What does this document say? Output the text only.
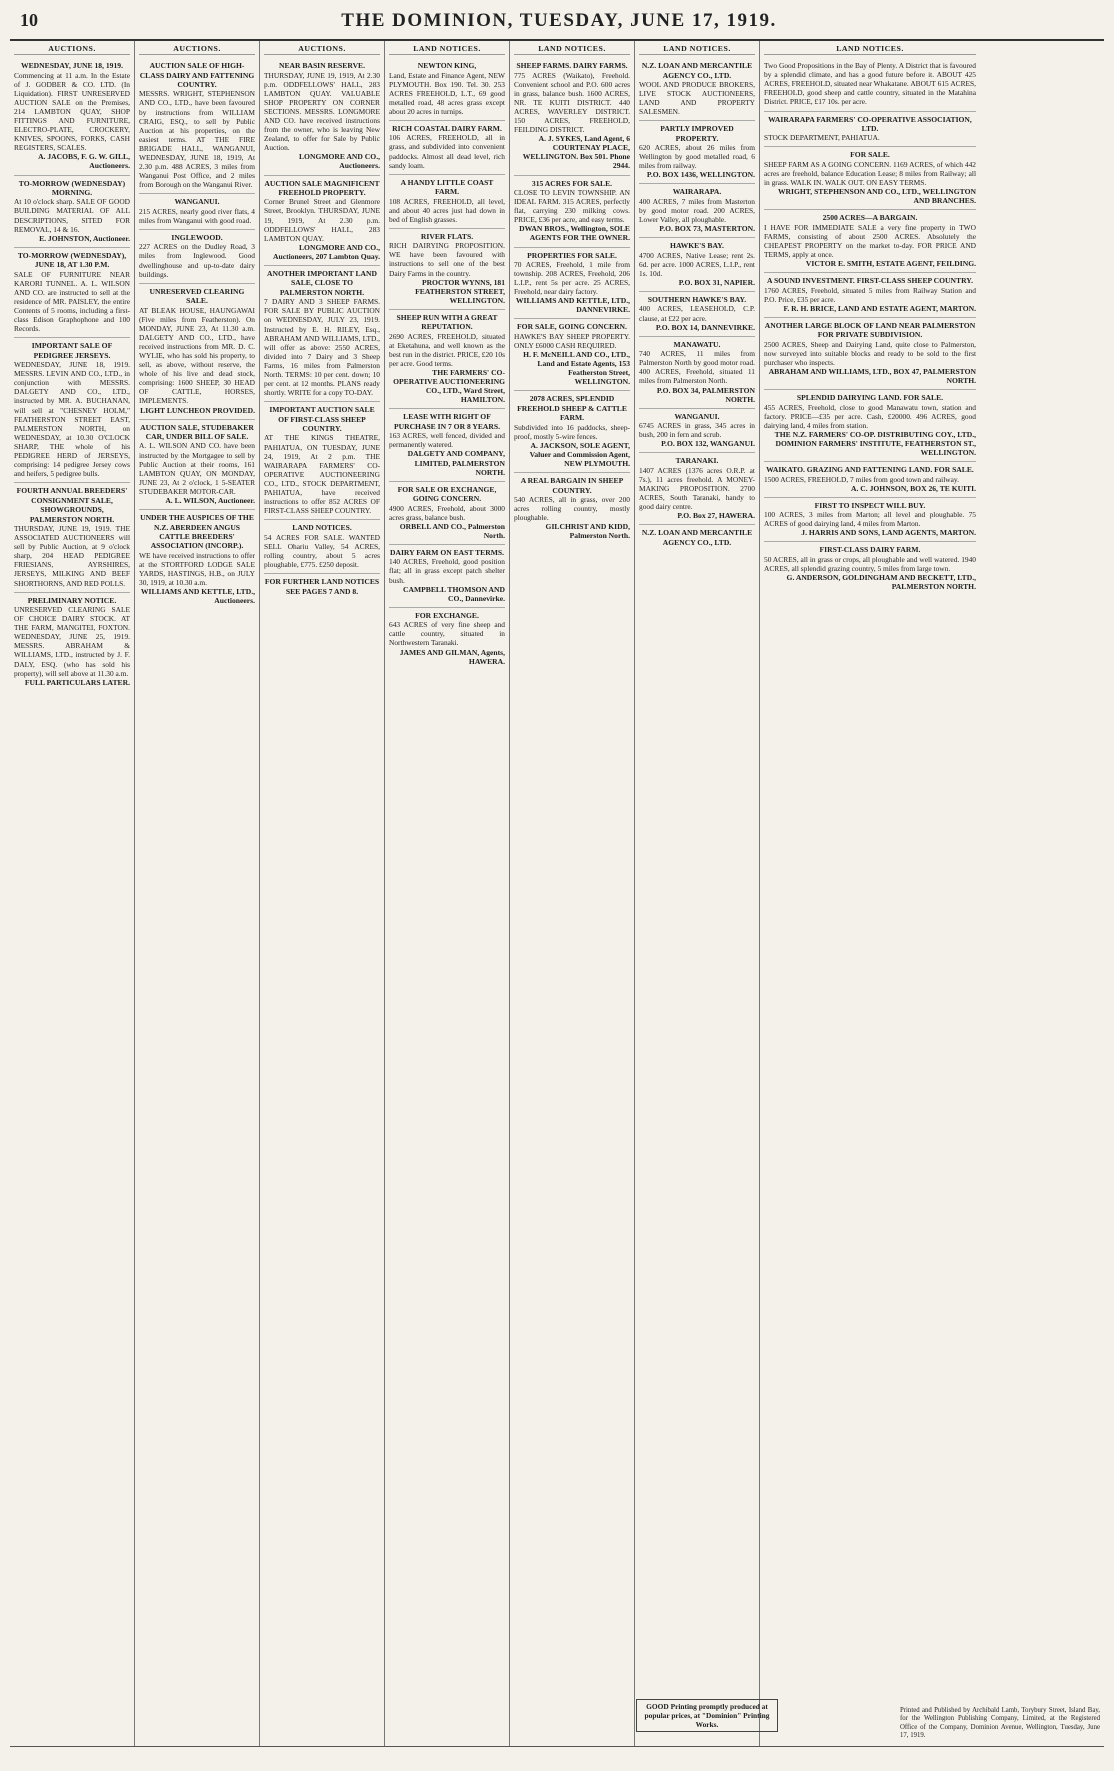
10	THE DOMINION, TUESDAY, JUNE 17, 1919.
AUCTIONS.
WEDNESDAY, JUNE 18, 1919.
Commencing at 11 a.m. In the Estate of J. GODBER & CO. LTD. (In Liquidation). FIRST UNRESERVED AUCTION SALE on the Premises, 214 LAMBTON QUAY, SHOP FITTINGS AND FURNITURE, ELECTRO-PLATE, CROCKERY, KNIVES, SPOONS, FORKS, CASH REGISTERS, SCALES.
A. JACOBS, F. G. W. GILL, Auctioneers.
TO-MORROW (WEDNESDAY) MORNING.
At 10 o'clock sharp. SALE OF GOOD BUILDING MATERIAL OF ALL DESCRIPTIONS, SITED FOR REMOVAL, 14 & 16.
E. JOHNSTON, Auctioneer.
TO-MORROW (WEDNESDAY), JUNE 18, AT 1.30 P.M.
SALE OF FURNITURE NEAR KARORI TUNNEL. A. L. WILSON AND CO. are instructed to sell at the residence of MR. PAISLEY, the entire Contents of 5 rooms, including a first-class Edison Graphophone and 100 Records.
IMPORTANT SALE OF PEDIGREE JERSEYS.
WEDNESDAY, JUNE 18, 1919. MESSRS. LEVIN AND CO., LTD., in conjunction with MESSRS. DALGETY AND CO., LTD., instructed by MR. A. BUCHANAN, will sell at "CHESNEY HOLM," FEATHERSTON STREET EAST, PALMERSTON NORTH, on WEDNESDAY, at 10.30 O'CLOCK SHARP, THE whole of his PEDIGREE HERD of JERSEYS, comprising: 14 pedigree Jersey cows and heifers, 5 pedigree bulls.
FOURTH ANNUAL BREEDERS' CONSIGNMENT SALE, SHOWGROUNDS, PALMERSTON NORTH.
THURSDAY, JUNE 19, 1919. THE ASSOCIATED AUCTIONEERS will sell by Public Auction, at 9 o'clock sharp, 204 HEAD PEDIGREE FRIESIANS, AYRSHIRES, JERSEYS, MILKING AND BEEF SHORTHORNS, AND RED POLLS.
PRELIMINARY NOTICE.
UNRESERVED CLEARING SALE OF CHOICE DAIRY STOCK. AT THE FARM, MANGITEI, FOXTON. WEDNESDAY, JUNE 25, 1919. MESSRS. ABRAHAM & WILLIAMS, LTD., instructed by J. F. DALY, ESQ. (who has sold his property), will sell above at 11.30 a.m.
FULL PARTICULARS LATER.
AUCTIONS.
AUCTION SALE OF HIGH-CLASS DAIRY AND FATTENING COUNTRY.
MESSRS. WRIGHT, STEPHENSON AND CO., LTD., have been favoured by instructions from WILLIAM CRAIG, ESQ., to sell by Public Auction at his properties, on the easiest terms. AT THE FIRE BRIGADE HALL, WANGANUI, WEDNESDAY, JUNE 18, 1919, At 2.30 p.m. 488 ACRES, 3 miles from Wanganui Post Office, and 2 miles from Borough on the Wanganui River.
WANGANUI.
215 ACRES, nearly good river flats, 4 miles from Wanganui with good road.
INGLEWOOD.
227 ACRES on the Dudley Road, 3 miles from Inglewood. Good dwellinghouse and up-to-date dairy buildings.
UNRESERVED CLEARING SALE.
AT BLEAK HOUSE, HAUNGAWAI (Five miles from Featherston). On MONDAY, JUNE 23, At 11.30 a.m. DALGETY AND CO., LTD., have received instructions from MR. D. C. WYLIE, who has sold his property, to sell, as above, without reserve, the whole of his live and dead stock, comprising: 1600 SHEEP, 30 HEAD OF CATTLE, HORSES, IMPLEMENTS.
LIGHT LUNCHEON PROVIDED.
AUCTION SALE, STUDEBAKER CAR, UNDER BILL OF SALE.
A. L. WILSON AND CO. have been instructed by the Mortgagee to sell by Public Auction at their rooms, 161 LAMBTON QUAY, ON MONDAY, JUNE 23, At 2 o'clock, 1 5-SEATER STUDEBAKER MOTOR-CAR.
A. L. WILSON, Auctioneer.
UNDER THE AUSPICES OF THE N.Z. ABERDEEN ANGUS CATTLE BREEDERS' ASSOCIATION (INCORP.).
WE have received instructions to offer at the STORTFORD LODGE SALE YARDS, HASTINGS, H.B., on JULY 30, 1919, at 10.30 a.m.
WILLIAMS AND KETTLE, LTD., Auctioneers.
AUCTIONS.
NEAR BASIN RESERVE.
THURSDAY, JUNE 19, 1919, At 2.30 p.m. ODDFELLOWS' HALL, 283 LAMBTON QUAY. VALUABLE SHOP PROPERTY ON CORNER SECTIONS. MESSRS. LONGMORE AND CO. have received instructions from the owner, who is leaving New Zealand, to offer for Sale by Public Auction.
LONGMORE AND CO., Auctioneers.
AUCTION SALE MAGNIFICENT FREEHOLD PROPERTY.
Corner Brunel Street and Glenmore Street, Brooklyn. THURSDAY, JUNE 19, 1919, At 2.30 p.m. ODDFELLOWS' HALL, 283 LAMBTON QUAY.
LONGMORE AND CO., Auctioneers, 207 Lambton Quay.
ANOTHER IMPORTANT LAND SALE, CLOSE TO PALMERSTON NORTH.
7 DAIRY AND 3 SHEEP FARMS. FOR SALE BY PUBLIC AUCTION on WEDNESDAY, JULY 23, 1919. Instructed by E. H. RILEY, Esq., ABRAHAM AND WILLIAMS, LTD., will offer as above: 2550 ACRES, divided into 7 Dairy and 3 Sheep Farms, 16 miles from Palmerston North. TERMS: 10 per cent. down; 10 per cent. at 12 months. PLANS ready shortly. WRITE for a copy TO-DAY.
IMPORTANT AUCTION SALE OF FIRST-CLASS SHEEP COUNTRY.
AT THE KINGS THEATRE, PAHIATUA, ON TUESDAY, JUNE 24, 1919, At 2 p.m. THE WAIRARAPA FARMERS' CO-OPERATIVE AUCTIONEERING CO., LTD., STOCK DEPARTMENT, PAHIATUA, have received instructions to offer 852 ACRES OF FIRST-CLASS SHEEP COUNTRY.
LAND NOTICES.
54 ACRES FOR SALE. WANTED SELL Ohariu Valley, 54 ACRES, rolling country, about 5 acres ploughable, £775. £250 deposit.
FOR FURTHER LAND NOTICES SEE PAGES 7 AND 8.
LAND NOTICES.
NEWTON KING,
Land, Estate and Finance Agent, NEW PLYMOUTH. Box 190. Tel. 30. 253 ACRES FREEHOLD, L.T., 69 good metalled road, 48 acres grass except about 20 acres in turnips.
RICH COASTAL DAIRY FARM.
106 ACRES, FREEHOLD, all in grass, and subdivided into convenient paddocks. Almost all dead level, rich sandy loam.
A HANDY LITTLE COAST FARM.
108 ACRES, FREEHOLD, all level, and about 40 acres just had down in bed of English grasses.
RIVER FLATS.
RICH DAIRYING PROPOSITION. WE have been favoured with instructions to sell one of the best Dairy Farms in the country.
PROCTOR WYNNS, 181 FEATHERSTON STREET, WELLINGTON.
SHEEP RUN WITH A GREAT REPUTATION.
2690 ACRES, FREEHOLD, situated at Eketahuna, and well known as the best run in the district. PRICE, £20 10s per acre. Good terms.
THE FARMERS' CO-OPERATIVE AUCTIONEERING CO., LTD., Ward Street, HAMILTON.
LEASE WITH RIGHT OF PURCHASE IN 7 OR 8 YEARS.
163 ACRES, well fenced, divided and permanently watered.
DALGETY AND COMPANY, LIMITED, PALMERSTON NORTH.
FOR SALE OR EXCHANGE, GOING CONCERN.
4900 ACRES, Freehold, about 3000 acres grass, balance bush.
ORBELL AND CO., Palmerston North.
DAIRY FARM ON EAST TERMS.
140 ACRES, Freehold, good position flat; all in grass except patch shelter bush.
CAMPBELL THOMSON AND CO., Dannevirke.
FOR EXCHANGE.
643 ACRES of very fine sheep and cattle country, situated in Northwestern Taranaki.
JAMES AND GILMAN, Agents, HAWERA.
LAND NOTICES.
SHEEP FARMS. DAIRY FARMS.
775 ACRES (Waikato), Freehold. Convenient school and P.O. 600 acres in grass, balance bush. 1600 ACRES, NR. TE KUITI DISTRICT. 440 ACRES, WAVERLEY DISTRICT. 150 ACRES, FREEHOLD, FEILDING DISTRICT.
A. J. SYKES, Land Agent, 6 COURTENAY PLACE, WELLINGTON. Box 501. Phone 2944.
315 ACRES FOR SALE.
CLOSE TO LEVIN TOWNSHIP. AN IDEAL FARM. 315 ACRES, perfectly flat, carrying 230 milking cows. PRICE, £36 per acre, and easy terms.
DWAN BROS., Wellington, SOLE AGENTS FOR THE OWNER.
PROPERTIES FOR SALE.
70 ACRES, Freehold, 1 mile from township. 208 ACRES, Freehold, 206 L.I.P., rent 5s per acre. 25 ACRES, Freehold, near dairy factory.
WILLIAMS AND KETTLE, LTD., DANNEVIRKE.
FOR SALE, GOING CONCERN.
HAWKE'S BAY SHEEP PROPERTY. ONLY £6000 CASH REQUIRED.
H. F. McNEILL AND CO., LTD., Land and Estate Agents, 153 Featherston Street, WELLINGTON.
2078 ACRES, SPLENDID FREEHOLD SHEEP & CATTLE FARM.
Subdivided into 16 paddocks, sheep-proof, mostly 5-wire fences.
A. JACKSON, SOLE AGENT, Valuer and Commission Agent, NEW PLYMOUTH.
A REAL BARGAIN IN SHEEP COUNTRY.
540 ACRES, all in grass, over 200 acres rolling country, mostly ploughable.
GILCHRIST AND KIDD, Palmerston North.
LAND NOTICES.
N.Z. LOAN AND MERCANTILE AGENCY CO., LTD.
WOOL AND PRODUCE BROKERS, LIVE STOCK AUCTIONEERS, LAND AND PROPERTY SALESMEN.
PARTLY IMPROVED PROPERTY.
620 ACRES, about 26 miles from Wellington by good metalled road, 6 miles from railway.
P.O. BOX 1436, WELLINGTON.
WAIRARAPA.
400 ACRES, 7 miles from Masterton by good motor road. 200 ACRES, Lower Valley, all ploughable.
P.O. BOX 73, MASTERTON.
HAWKE'S BAY.
4700 ACRES, Native Lease; rent 2s. 6d. per acre. 1000 ACRES, L.I.P., rent 1s. 10d.
P.O. BOX 31, NAPIER.
SOUTHERN HAWKE'S BAY.
400 ACRES, LEASEHOLD, C.P. clause, at £22 per acre.
P.O. BOX 14, DANNEVIRKE.
MANAWATU.
740 ACRES, 11 miles from Palmerston North by good motor road. 400 ACRES, Freehold, situated 11 miles from Palmerston North.
P.O. BOX 34, PALMERSTON NORTH.
WANGANUI.
6745 ACRES in grass, 345 acres in bush, 200 in fern and scrub.
P.O. BOX 132, WANGANUI.
TARANAKI.
1407 ACRES (1376 acres O.R.P. at 7s.), 11 acres freehold. A MONEY-MAKING PROPOSITION. 2700 ACRES, South Taranaki, handy to good dairy centre.
P.O. Box 27, HAWERA.
N.Z. LOAN AND MERCANTILE AGENCY CO., LTD.
LAND NOTICES.
Two Good Propositions in the Bay of Plenty. A District that is favoured by a splendid climate, and has a good future before it. ABOUT 425 ACRES, FREEHOLD, situated near Whakatane. ABOUT 615 ACRES, FREEHOLD, good sheep and cattle country, situated in the Matahina District. PRICE, £17 10s. per acre.
WAIRARAPA FARMERS' CO-OPERATIVE ASSOCIATION, LTD.
STOCK DEPARTMENT, PAHIATUA.
FOR SALE.
SHEEP FARM AS A GOING CONCERN. 1169 ACRES, of which 442 acres are freehold, balance Education Lease; 8 miles from Railway; all in grass. WALK IN. WALK OUT. ON EASY TERMS.
WRIGHT, STEPHENSON AND CO., LTD., WELLINGTON AND BRANCHES.
2500 ACRES—A BARGAIN.
I HAVE FOR IMMEDIATE SALE a very fine property in TWO FARMS, consisting of about 2500 ACRES. Absolutely the CHEAPEST PROPERTY on the market to-day. FOR PRICE AND TERMS, apply at once.
VICTOR E. SMITH, ESTATE AGENT, FEILDING.
A SOUND INVESTMENT. FIRST-CLASS SHEEP COUNTRY.
1760 ACRES, Freehold, situated 5 miles from Railway Station and P.O. Price, £35 per acre.
F. R. H. BRICE, LAND AND ESTATE AGENT, MARTON.
ANOTHER LARGE BLOCK OF LAND NEAR PALMERSTON FOR PRIVATE SUBDIVISION.
2500 ACRES, Sheep and Dairying Land, quite close to Palmerston, now surveyed into suitable blocks and ready to be sold to the first purchaser who inspects.
ABRAHAM AND WILLIAMS, LTD., BOX 47, PALMERSTON NORTH.
SPLENDID DAIRYING LAND. FOR SALE.
455 ACRES, Freehold, close to good Manawatu town, station and factory. PRICE—£35 per acre. Cash, £20000. 496 ACRES, good dairying land, 4 miles from station.
THE N.Z. FARMERS' CO-OP. DISTRIBUTING COY., LTD., DOMINION FARMERS' INSTITUTE, FEATHERSTON ST., WELLINGTON.
WAIKATO. GRAZING AND FATTENING LAND. FOR SALE.
1500 ACRES, FREEHOLD, 7 miles from good town and railway.
A. C. JOHNSON, BOX 26, TE KUITI.
FIRST TO INSPECT WILL BUY.
100 ACRES, 3 miles from Marton; all level and ploughable. 75 ACRES of good dairying land, 4 miles from Marton.
J. HARRIS AND SONS, LAND AGENTS, MARTON.
FIRST-CLASS DAIRY FARM.
50 ACRES, all in grass or crops, all ploughable and well watered. 1940 ACRES, all splendid grazing country, 5 miles from large town.
G. ANDERSON, GOLDINGHAM AND BECKETT, LTD., PALMERSTON NORTH.
GOOD Printing promptly produced at popular prices, at "Dominion" Printing Works.
Printed and Published by Archibald Lamb, Torybury Street, Island Bay, for the Wellington Publishing Company, Limited, at the Registered Office of the Company, Dominion Avenue, Wellington, Tuesday, June 17, 1919.
